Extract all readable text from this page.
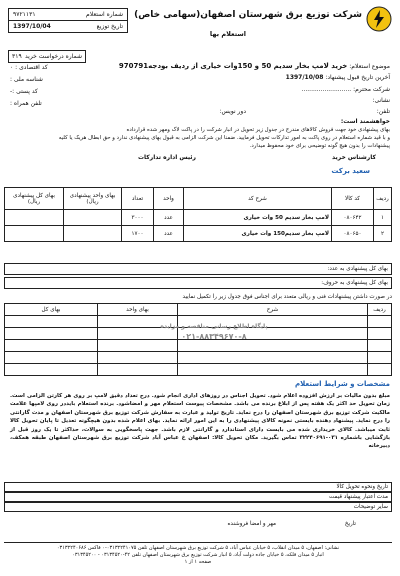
شرکت توزیع برق شهرستان اصفهان(سهامی خاص)
استعلام بها
شماره استعلام
۹۷۲۱۱۳۱
تاریخ توزیع
1397/10/04
شماره درخواست خرید
۳۱۹
موضوع استعلام: خرید لامپ بخار سدیم 50 و 150وات خیاری از ردیف بودجه970791
آخرین تاریخ قبول پیشنهاد: 1397/10/08
شرکت محترم: ..........................
کد اقتصادی : ۰
شناسه ملی :
نشانی:
کد پستی :-
تلفن همراه :
تلفن:
دور نویس:
خواهشمند است:
بهای پیشنهادی خود جهت فروش کالاهای مندرج در جدول زیر تحویل در انبار شرکت را در پاکت لاک ومهر شده قرارداده
و با قید شماره استعلام در روی پاکت به امور تدارکات تحویل فرمایید. ضمنا این شرکت الزامی به قبول بهای پیشنهادی ندارد و حق ابطال هریک یا کلیه
پیشنهادات را بدون هیچ گونه توضیحی برای خود محفوظ میدارد.
کارشناس خرید
سعید برکت
رئیس اداره تدارکات
ردیف	کد کالا	شرح کد	واحد	تعداد	بهای واحد پیشنهادی ریال)	بهای کل پیشنهادی ریال)
۱	۰۸۰۶۴۲	لامپ بخار سدیم 50 وات خیاری	عدد	۳۰۰۰		
۲	۰۸۰۶۵۰	لامپ بخار سدیم150 وات خیاری	عدد	۱۷۰۰		
بهای کل پیشنهادی به عدد:
بهای کل پیشنهادی به حروف:
در صورت داشتن پیشنهادات فنی و ریالی متعدد برای اجناس فوق جدول زیر را تکمیل نمایید
ردیف	شرح	بهای واحد	بهای کل

پایگاه اطلاع رسانی مناقصه و مزایده
۰۲۱-۸۸۳۴۹۶۷۰-۸
مشخصات و شرایط استعلام
مبلغ بدون مالیات بر ارزش افزوده اعلام شود. تحویل اجناس در روزهای اداری انجام شود. درج تعداد دقیق لامپ بر روی هر کارتن الزامی است. زمان تحویل حد اکثر یک هفته پس از ابلاغ برنده می باشد. مشخصات پیوست استعلام مهر و امضاشود. برنده استعلام بایددر روی لامپها علامت مالکیت شرکت توزیع برق شهرستان اصفهان را درج نماید. تاریخ تولید و عبارت به سفارش شرکت توزیع برق شهرستان اصفهان و مدت گارانتی را درج نماید. پیشنهاد دهنده بایستی نمونه کالای پیشنهادی را به این امور ارائه نماید. بهای اعلام شده بدون هیچگونه تعدیل تا پایان تحویل کالا ثابت میباشد. کالای خریداری شده می بایست دارای استاندارد و گارانتی لازم باشد. جهت پاسخگویی به سوالات، حداکثر تا یک روز قبل از بازگشایی باشماره ۰۳۱-۳۲۲۴۰۶۹۱ تماس بگیرید. مکان تحویل کالا: اصفهان خ عباس آباد شرکت توزیع برق شهرستان اصفهان طبقه همکف، دبیرخانه
تاریخ ونحوه تحویل کالا
مدت اعتبار پیشنهاد قیمت
سایر توضیحات
مهر و امضا فروشنده	تاریخ
نشانی: اصفهان، ۵ میدان انقلاب، ۵ خیابان عباس آباد، ۵ شرکت توزیع برق شهرستان اصفهان تلفن ۰۳۱۳۲۲۴۱۰۷۵-۰ فاکس ۰۳۱۳۲۲۴۰۶۸۶
انبار ۵ میدان فلکه، ۵ خیابان جاده دولت آباد، ۵ انبار شرکت توزیع برق شهرستان اصفهان تلفن ۴۲-۰۳۱۳۴۵۲۰ - ۰۳۱۳۴۵۲۰۰
صفحه ۱ از ۱
